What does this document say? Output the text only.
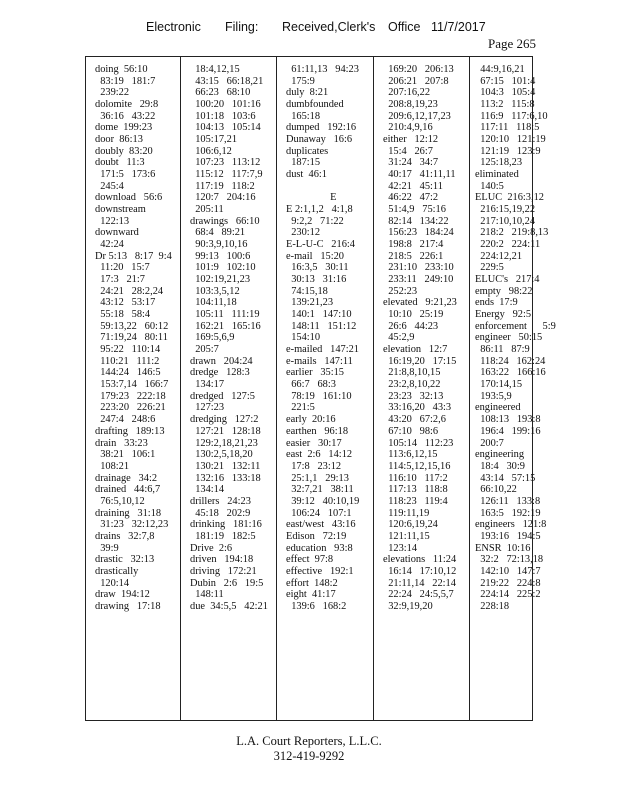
Electronic Filing: Received,Clerk's Office 11/7/2017
Page 265
doing  56:10
83:19   181:7
239:22
dolomite   29:8
36:16   43:22
dome  199:23
door  86:13
doubly  83:20
doubt   11:3
171:5   173:6
245:4
download   56:6
downstream
122:13
downward
42:24
Dr 5:13   8:17  9:4
11:20   15:7
17:3   21:7
24:21   28:2,24
43:12   53:17
55:18   58:4
59:13,22   60:12
71:19,24   80:11
95:22   110:14
110:21   111:2
144:24   146:5
153:7,14   166:7
179:23   222:18
223:20   226:21
247:4   248:6
drafting   189:13
drain   33:23
38:21   106:1
108:21
drainage   34:2
drained   44:6,7
76:5,10,12
draining   31:18
31:23   32:12,23
drains   32:7,8
39:9
drastic   32:13
drastically
120:14
draw  194:12
drawing   17:18
18:4,12,15
43:15   66:18,21
66:23   68:10
100:20   101:16
101:18   103:6
104:13   105:14
105:17,21
106:6,12
107:23   113:12
115:12   117:7,9
117:19   118:2
120:7   204:16
205:11
drawings   66:10
68:4   89:21
90:3,9,10,16
99:13   100:6
101:9   102:10
102:19,21,23
103:3,5,12
104:11,18
105:11   111:19
162:21   165:16
169:5,6,9
205:7
drawn   204:24
dredge   128:3
134:17
dredged   127:5
127:23
dredging   127:2
127:21   128:18
129:2,18,21,23
130:2,5,18,20
130:21   132:11
132:16   133:18
134:14
drillers   24:23
45:18   202:9
drinking   181:16
181:19   182:5
Drive  2:6
driven   194:18
driving   172:21
Dubin   2:6   19:5
148:11
due  34:5,5   42:21
61:11,13   94:23
175:9
duly  8:21
dumbfounded
165:18
dumped   192:16
Dunaway   16:6
duplicates
187:15
dust  46:1
E
E 2:1,1,2   4:1,8
9:2,2   71:22
230:12
E-L-U-C   216:4
e-mail   15:20
16:3,5   30:11
30:13   31:16
74:15,18
139:21,23
140:1   147:10
148:11   151:12
154:10
e-mailed   147:21
e-mails   147:11
earlier   35:15
66:7   68:3
78:19   161:10
221:5
early  20:16
earthen   96:18
easier   30:17
east  2:6   14:12
17:8   23:12
25:1,1   29:13
32:7,21   38:11
39:12   40:10,19
106:24   107:1
east/west   43:16
Edison   72:19
education   93:8
effect  97:8
effective   192:1
effort  148:2
eight  41:17
139:6   168:2
169:20   206:13
206:21   207:8
207:16,22
208:8,19,23
209:6,12,17,23
210:4,9,16
either   12:12
15:4   26:7
31:24   34:7
40:17   41:11,11
42:21   45:11
46:22   47:2
51:4,9   75:16
82:14   134:22
156:23   184:24
198:8   217:4
218:5   226:1
231:10   233:10
233:11   249:10
252:23
elevated   9:21,23
10:10   25:19
26:6   44:23
45:2,9
elevation   12:7
16:19,20   17:15
21:8,8,10,15
23:2,8,10,22
23:23   32:13
33:16,20   43:3
43:20   67:2,6
67:10   98:6
105:14   112:23
113:6,12,15
114:5,12,15,16
116:10   117:2
117:13   118:8
118:23   119:4
119:11,19
120:6,19,24
121:11,15
123:14
elevations   11:24
16:14   17:10,12
21:11,14   22:14
22:24   24:5,5,7
32:9,19,20
44:9,16,21
67:15   101:4
104:3   105:4
113:2   115:8
116:9   117:6,10
117:11   118:5
120:10   121:19
121:19   123:9
125:18,23
eliminated
140:5
ELUC  216:3,12
216:15,19,22
217:10,10,24
218:2   219:8,13
220:2   224:11
224:12,21
229:5
ELUC's   217:4
empty   98:22
ends  17:9
Energy   92:5
enforcement      5:9
engineer   50:15
86:11   87:9
118:24   162:24
163:22   166:16
170:14,15
193:5,9
engineered
108:13   193:8
196:4   199:16
200:7
engineering
18:4   30:9
43:14   57:15
66:10,22
126:11   133:8
163:5   192:19
engineers   121:8
193:16   194:5
ENSR  10:16
32:2   72:13,18
142:10   147:7
219:22   224:8
224:14   225:2
228:18
L.A. Court Reporters, L.L.C.
312-419-9292
